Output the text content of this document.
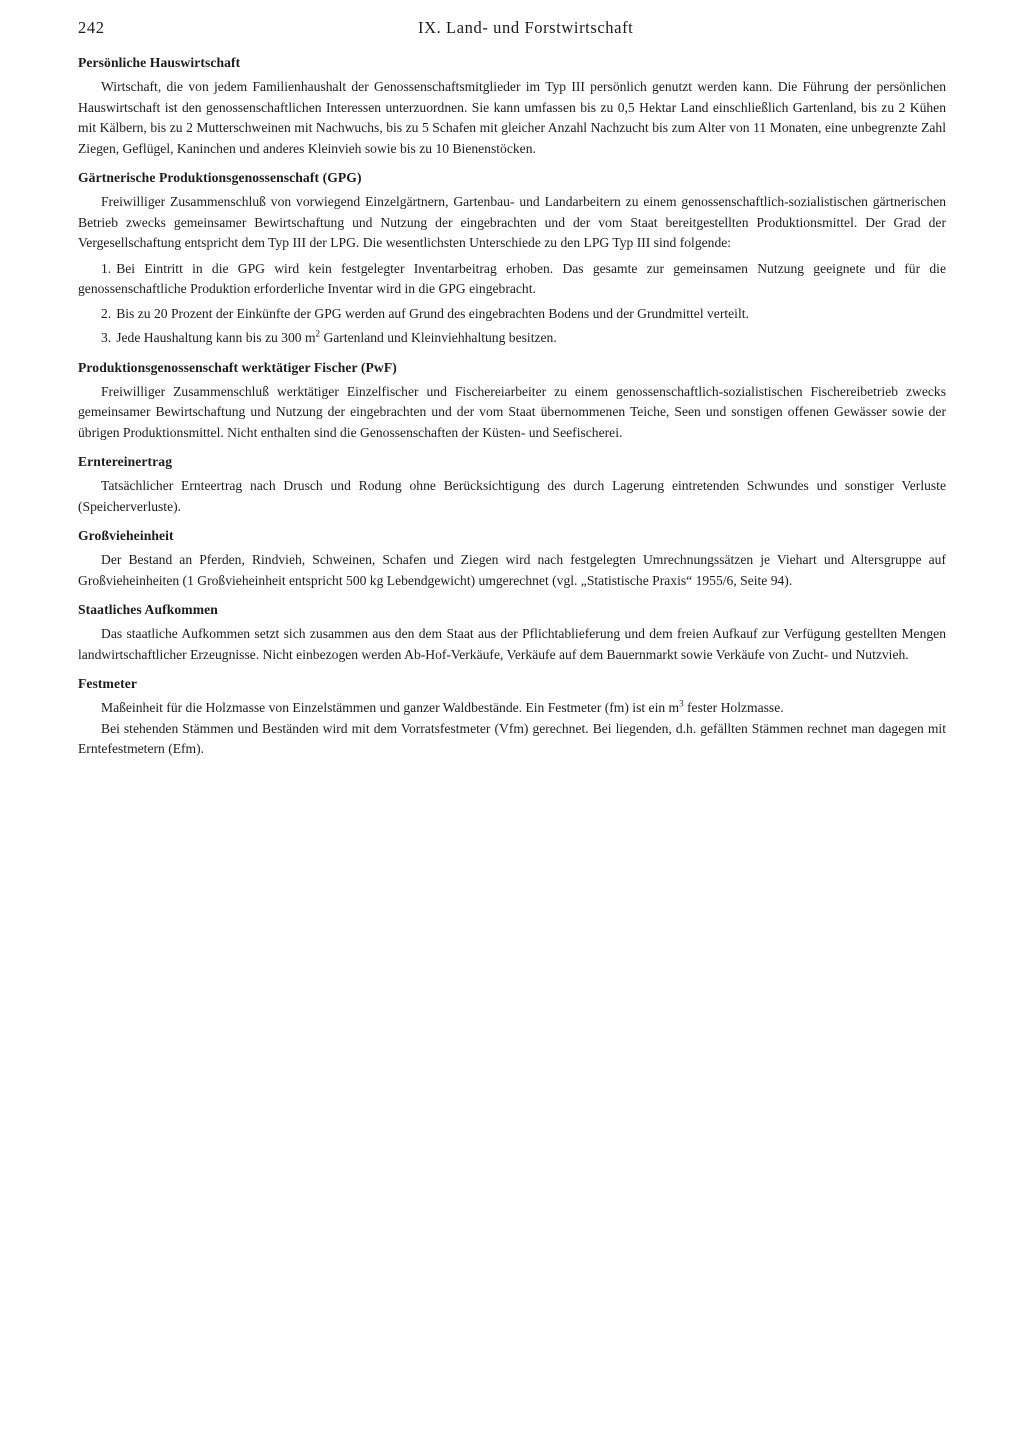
242	IX. Land- und Forstwirtschaft
Persönliche Hauswirtschaft

Wirtschaft, die von jedem Familienhaushalt der Genossenschaftsmitglieder im Typ III persönlich genutzt werden kann. Die Führung der persönlichen Hauswirtschaft ist den genossenschaftlichen Interessen unterzuordnen. Sie kann umfassen bis zu 0,5 Hektar Land einschließlich Gartenland, bis zu 2 Kühen mit Kälbern, bis zu 2 Mutterschweinen mit Nachwuchs, bis zu 5 Schafen mit gleicher Anzahl Nachzucht bis zum Alter von 11 Monaten, eine unbegrenzte Zahl Ziegen, Geflügel, Kaninchen und anderes Kleinvieh sowie bis zu 10 Bienenstöcken.

Gärtnerische Produktionsgenossenschaft (GPG)

Freiwilliger Zusammenschluß von vorwiegend Einzelgärtnern, Gartenbau- und Landarbeitern zu einem genossenschaftlich-sozialistischen gärtnerischen Betrieb zwecks gemeinsamer Bewirtschaftung und Nutzung der eingebrachten und der vom Staat bereitgestellten Produktionsmittel. Der Grad der Vergesellschaftung entspricht dem Typ III der LPG. Die wesentlichsten Unterschiede zu den LPG Typ III sind folgende:

1. Bei Eintritt in die GPG wird kein festgelegter Inventarbeitrag erhoben. Das gesamte zur gemeinsamen Nutzung geeignete und für die genossenschaftliche Produktion erforderliche Inventar wird in die GPG eingebracht.
2. Bis zu 20 Prozent der Einkünfte der GPG werden auf Grund des eingebrachten Bodens und der Grundmittel verteilt.
3. Jede Haushaltung kann bis zu 300 $m^2$ Gartenland und Kleinviehhaltung besitzen.
Produktionsgenossenschaft werktätiger Fischer (PwF)

Freiwilliger Zusammenschluß werktätiger Einzelfischer und Fischereiarbeiter zu einem genossenschaftlich-sozialistischen Fischereibetrieb zwecks gemeinsamer Bewirtschaftung und Nutzung der eingebrachten und der vom Staat übernommenen Teiche, Seen und sonstigen offenen Gewässer sowie der übrigen Produktionsmittel. Nicht enthalten sind die Genossenschaften der Küsten- und Seefischerei.

Erntereinertrag

Tatsächlicher Ernteertrag nach Drusch und Rodung ohne Berücksichtigung des durch Lagerung eintretenden Schwundes und sonstiger Verluste (Speicherverluste).

Großvieheinheit

Der Bestand an Pferden, Rindvieh, Schweinen, Schafen und Ziegen wird nach festgelegten Umrechnungssätzen je Viehart und Altersgruppe auf Großvieheinheiten (1 Großvieheinheit entspricht 500 kg Lebendgewicht) umgerechnet (vgl. „Statistische Praxis“ 1955/6, Seite 94).

Staatliches Aufkommen

Das staatliche Aufkommen setzt sich zusammen aus den dem Staat aus der Pflichtablieferung und dem freien Aufkauf zur Verfügung gestellten Mengen landwirtschaftlicher Erzeugnisse. Nicht einbezogen werden Ab-Hof-Verkäufe, Verkäufe auf dem Bauernmarkt sowie Verkäufe von Zucht- und Nutzvieh.

Festmeter

Maßeinheit für die Holzmasse von Einzelstämmen und ganzer Waldbestände. Ein Festmeter (fm) ist ein $m^3$ fester Holzmasse.

Bei stehenden Stämmen und Beständen wird mit dem Vorratsfestmeter (Vfm) gerechnet. Bei liegenden, d.h. gefällten Stämmen rechnet man dagegen mit Erntefestmetern (Efm).
